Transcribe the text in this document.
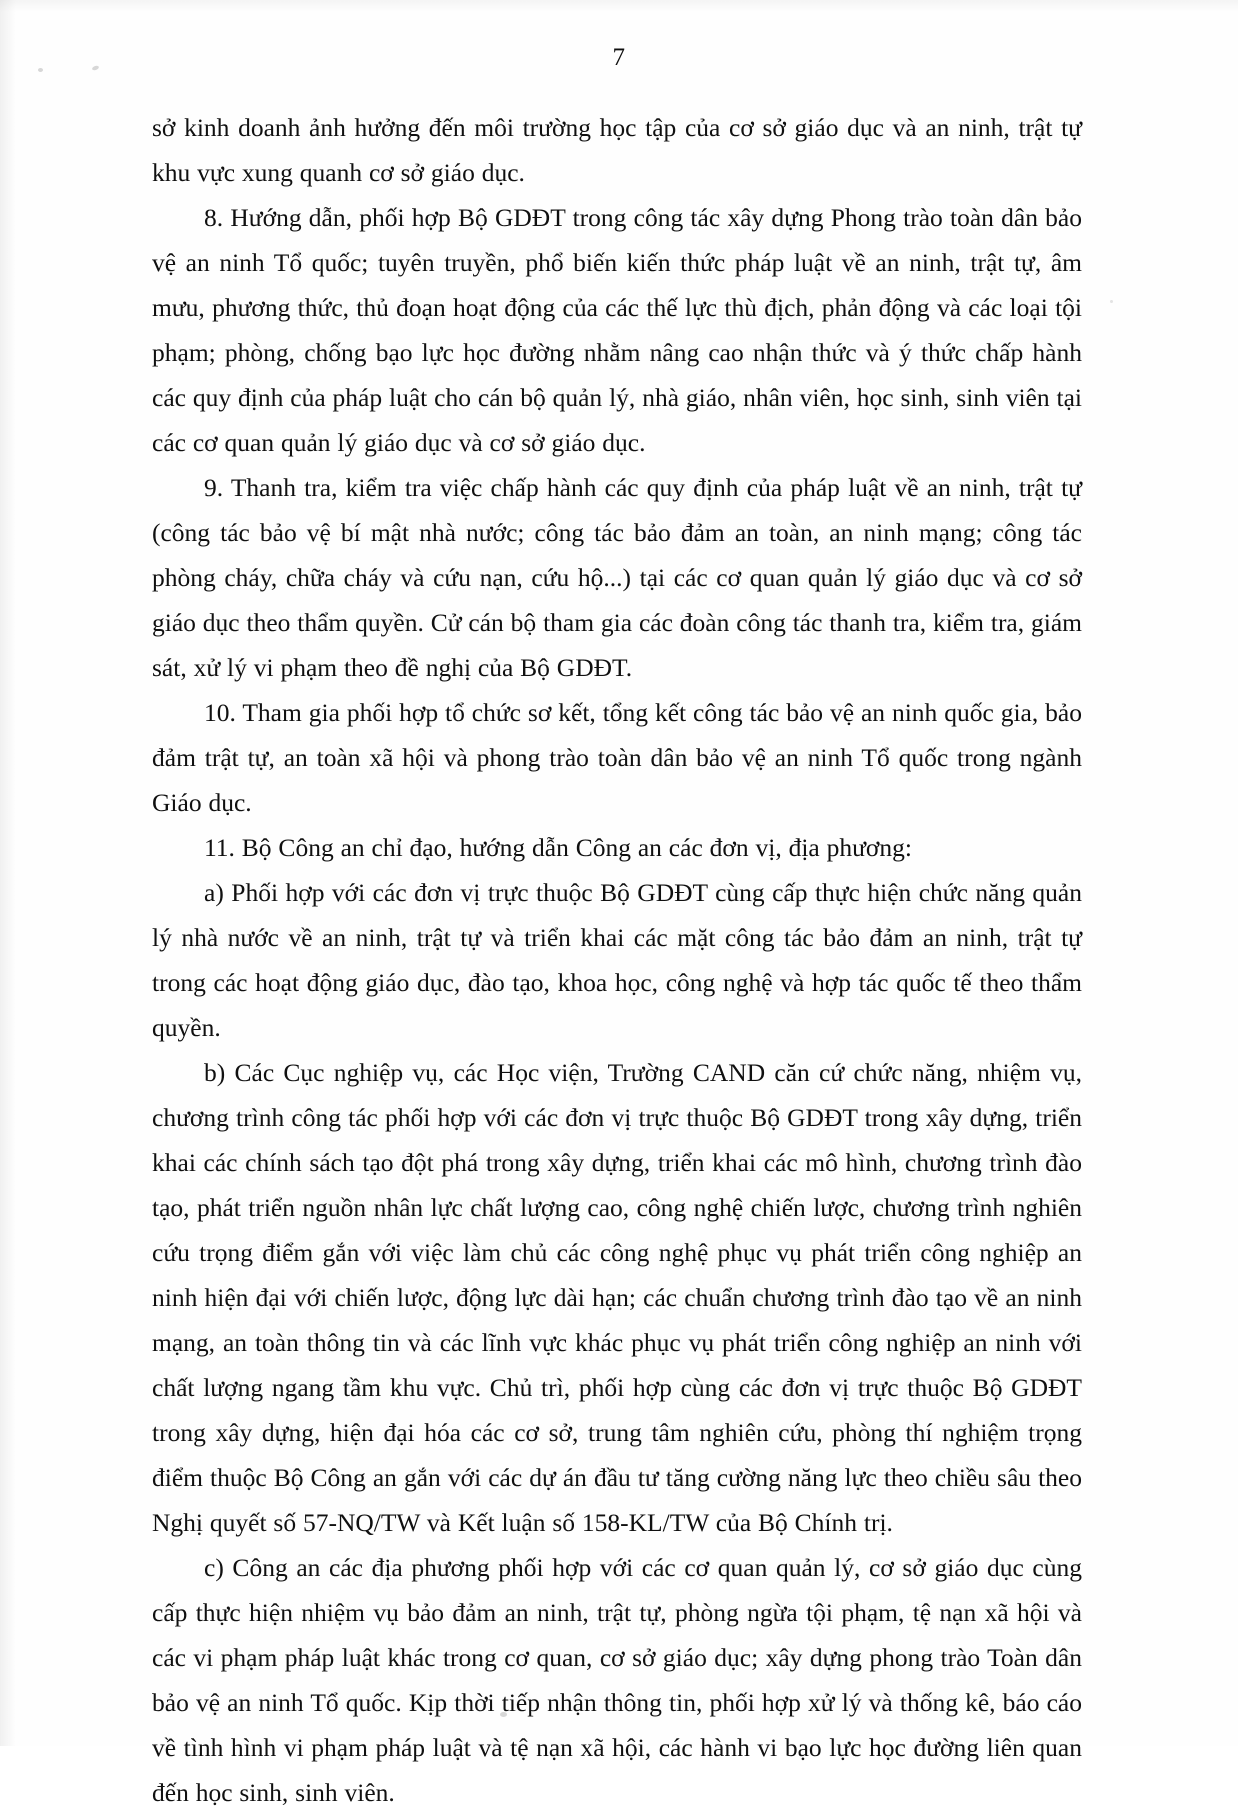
7

sở kinh doanh ảnh hưởng đến môi trường học tập của cơ sở giáo dục và an ninh, trật tự khu vực xung quanh cơ sở giáo dục.

8. Hướng dẫn, phối hợp Bộ GDĐT trong công tác xây dựng Phong trào toàn dân bảo vệ an ninh Tổ quốc; tuyên truyền, phổ biến kiến thức pháp luật về an ninh, trật tự, âm mưu, phương thức, thủ đoạn hoạt động của các thế lực thù địch, phản động và các loại tội phạm; phòng, chống bạo lực học đường nhằm nâng cao nhận thức và ý thức chấp hành các quy định của pháp luật cho cán bộ quản lý, nhà giáo, nhân viên, học sinh, sinh viên tại các cơ quan quản lý giáo dục và cơ sở giáo dục.

9. Thanh tra, kiểm tra việc chấp hành các quy định của pháp luật về an ninh, trật tự (công tác bảo vệ bí mật nhà nước; công tác bảo đảm an toàn, an ninh mạng; công tác phòng cháy, chữa cháy và cứu nạn, cứu hộ...) tại các cơ quan quản lý giáo dục và cơ sở giáo dục theo thẩm quyền. Cử cán bộ tham gia các đoàn công tác thanh tra, kiểm tra, giám sát, xử lý vi phạm theo đề nghị của Bộ GDĐT.

10. Tham gia phối hợp tổ chức sơ kết, tổng kết công tác bảo vệ an ninh quốc gia, bảo đảm trật tự, an toàn xã hội và phong trào toàn dân bảo vệ an ninh Tổ quốc trong ngành Giáo dục.

11. Bộ Công an chỉ đạo, hướng dẫn Công an các đơn vị, địa phương:

a) Phối hợp với các đơn vị trực thuộc Bộ GDĐT cùng cấp thực hiện chức năng quản lý nhà nước về an ninh, trật tự và triển khai các mặt công tác bảo đảm an ninh, trật tự trong các hoạt động giáo dục, đào tạo, khoa học, công nghệ và hợp tác quốc tế theo thẩm quyền.

b) Các Cục nghiệp vụ, các Học viện, Trường CAND căn cứ chức năng, nhiệm vụ, chương trình công tác phối hợp với các đơn vị trực thuộc Bộ GDĐT trong xây dựng, triển khai các chính sách tạo đột phá trong xây dựng, triển khai các mô hình, chương trình đào tạo, phát triển nguồn nhân lực chất lượng cao, công nghệ chiến lược, chương trình nghiên cứu trọng điểm gắn với việc làm chủ các công nghệ phục vụ phát triển công nghiệp an ninh hiện đại với chiến lược, động lực dài hạn; các chuẩn chương trình đào tạo về an ninh mạng, an toàn thông tin và các lĩnh vực khác phục vụ phát triển công nghiệp an ninh với chất lượng ngang tầm khu vực. Chủ trì, phối hợp cùng các đơn vị trực thuộc Bộ GDĐT trong xây dựng, hiện đại hóa các cơ sở, trung tâm nghiên cứu, phòng thí nghiệm trọng điểm thuộc Bộ Công an gắn với các dự án đầu tư tăng cường năng lực theo chiều sâu theo Nghị quyết số 57-NQ/TW và Kết luận số 158-KL/TW của Bộ Chính trị.

c) Công an các địa phương phối hợp với các cơ quan quản lý, cơ sở giáo dục cùng cấp thực hiện nhiệm vụ bảo đảm an ninh, trật tự, phòng ngừa tội phạm, tệ nạn xã hội và các vi phạm pháp luật khác trong cơ quan, cơ sở giáo dục; xây dựng phong trào Toàn dân bảo vệ an ninh Tổ quốc. Kịp thời tiếp nhận thông tin, phối hợp xử lý và thống kê, báo cáo về tình hình vi phạm pháp luật và tệ nạn xã hội, các hành vi bạo lực học đường liên quan đến học sinh, sinh viên.
